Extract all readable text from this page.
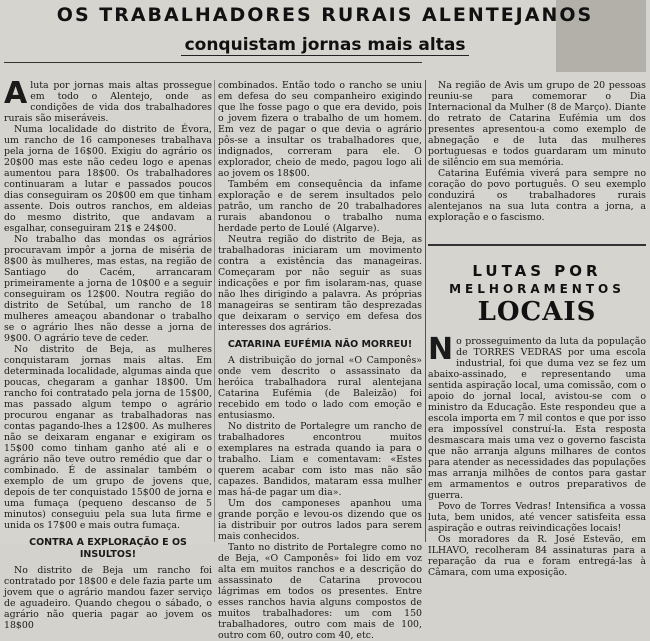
OS TRABALHADORES RURAIS ALENTEJANOS
conquistam jornas mais altas

Aluta por jornas mais altas prossegue em todo o Alentejo, onde as condições de vida dos trabalhadores rurais são miseráveis.

Numa localidade do distrito de Évora, um rancho de 16 camponeses trabalhava pela jorna de 16$00. Exigiu do agrário os 20$00 mas este não cedeu logo e apenas aumentou para 18$00. Os trabalhadores continuaram a lutar e passados poucos dias conseguiram os 20$00 em que tinham assente. Dois outros ranchos, em aldeias do mesmo distrito, que andavam a esgalhar, conseguiram 21$ e 24$00.

No trabalho das mondas os agrários procuravam impôr a jorna de miséria de 8$00 às mulheres, mas estas, na região de Santiago do Cacém, arrancaram primeiramente a jorna de 10$00 e a seguir conseguiram os 12$00. Noutra região do distrito de Setúbal, um rancho de 18 mulheres ameaçou abandonar o trabalho se o agrário lhes não desse a jorna de 9$00. O agrário teve de ceder.

No distrito de Beja, as mulheres conquistaram jornas mais altas. Em determinada localidade, algumas ainda que poucas, chegaram a ganhar 18$00. Um rancho foi contratado pela jorna de 15$00, mas passado algum tempo o agrário procurou enganar as trabalhadoras nas contas pagando-lhes a 12$00. As mulheres não se deixaram enganar e exigiram os 15$00 como tinham ganho até ali e o agrário não teve outro remédio que dar o combinado. É de assinalar também o exemplo de um grupo de jovens que, depois de ter conquistado 15$00 de jorna e uma fumaça (pequeno descanso de 5 minutos) conseguiu pela sua luta firme e unida os 17$00 e mais outra fumaça.

CONTRA A EXPLORAÇÃO E OS INSULTOS!

No distrito de Beja um rancho foi contratado por 18$00 e dele fazia parte um jovem que o agrário mandou fazer serviço de aguadeiro. Quando chegou o sábado, o agrário não queria pagar ao jovem os 18$00

combinados. Então todo o rancho se uniu em defesa do seu companheiro exigindo que lhe fosse pago o que era devido, pois o jovem fizera o trabalho de um homem. Em vez de pagar o que devia o agrário pôs-se a insultar os trabalhadores que, indignados, correram para ele. O explorador, cheio de medo, pagou logo ali ao jovem os 18$00.

Também em consequência da infame exploração e de serem insultados pelo patrão, um rancho de 20 trabalhadores rurais abandonou o trabalho numa herdade perto de Loulé (Algarve).

Neutra região do distrito de Beja, as trabalhadoras iniciaram um movimento contra a existência das manageiras. Começaram por não seguir as suas indicações e por fim isolaram-nas, quase não lhes dirigindo a palavra. As próprias manageiras se sentiram tão desprezadas que deixaram o serviço em defesa dos interesses dos agrários.

CATARINA EUFÉMIA NÃO MORREU!

A distribuição do jornal «O Camponês» onde vem descrito o assassinato da heróica trabalhadora rural alentejana Catarina Eufémia (de Baleizão) foi recebido em todo o lado com emoção e entusiasmo.

No distrito de Portalegre um rancho de trabalhadores encontrou muitos exemplares na estrada quando ia para o trabalho. Liam e comentavam: «Estes querem acabar com isto mas não são capazes. Bandidos, mataram essa mulher mas há-de pagar um dia».

Um dos camponeses apanhou uma grande porção e levou-os dizendo que os ia distribuir por outros lados para serem mais conhecidos.

Tanto no distrito de Portalegre como no de Beja, «O Camponês» foi lido em voz alta em muitos ranchos e a descrição do assassinato de Catarina provocou lágrimas em todos os presentes. Entre esses ranchos havia alguns compostos de muitos trabalhadores: um com 150 trabalhadores, outro com mais de 100, outro com 60, outro com 40, etc.

Na região de Avis um grupo de 20 pessoas reuniu-se para comemorar o Dia Internacional da Mulher (8 de Março). Diante do retrato de Catarina Eufémia um dos presentes apresentou-a como exemplo de abnegação e de luta das mulheres portuguesas e todos guardaram um minuto de silêncio em sua memória.

Catarina Eufémia viverá para sempre no coração do povo português. O seu exemplo conduzirá os trabalhadores rurais alentejanos na sua luta contra a jorna, a exploração e o fascismo.

LUTAS POR
MELHORAMENTOS
LOCAIS

No prosseguimento da luta da população de TORRES VEDRAS por uma escola industrial, foi que duma vez se fez um abaixo-assinado, e representando uma sentida aspiração local, uma comissão, com o apoio do jornal local, avistou-se com o ministro da Educação. Este respondeu que a escola importa em 7 mil contos e que por isso era impossível construí-la. Esta resposta desmascara mais uma vez o governo fascista que não arranja alguns milhares de contos para atender as necessidades das populações mas arranja milhões de contos para gastar em armamentos e outros preparativos de guerra.

Povo de Torres Vedras! Intensifica a vossa luta, bem unidos, até vencer satisfeita essa aspiração e outras reivindicações locais!

Os moradores da R. José Estevão, em ILHAVO, recolheram 84 assinaturas para a reparação da rua e foram entregá-las à Câmara, com uma exposição.
